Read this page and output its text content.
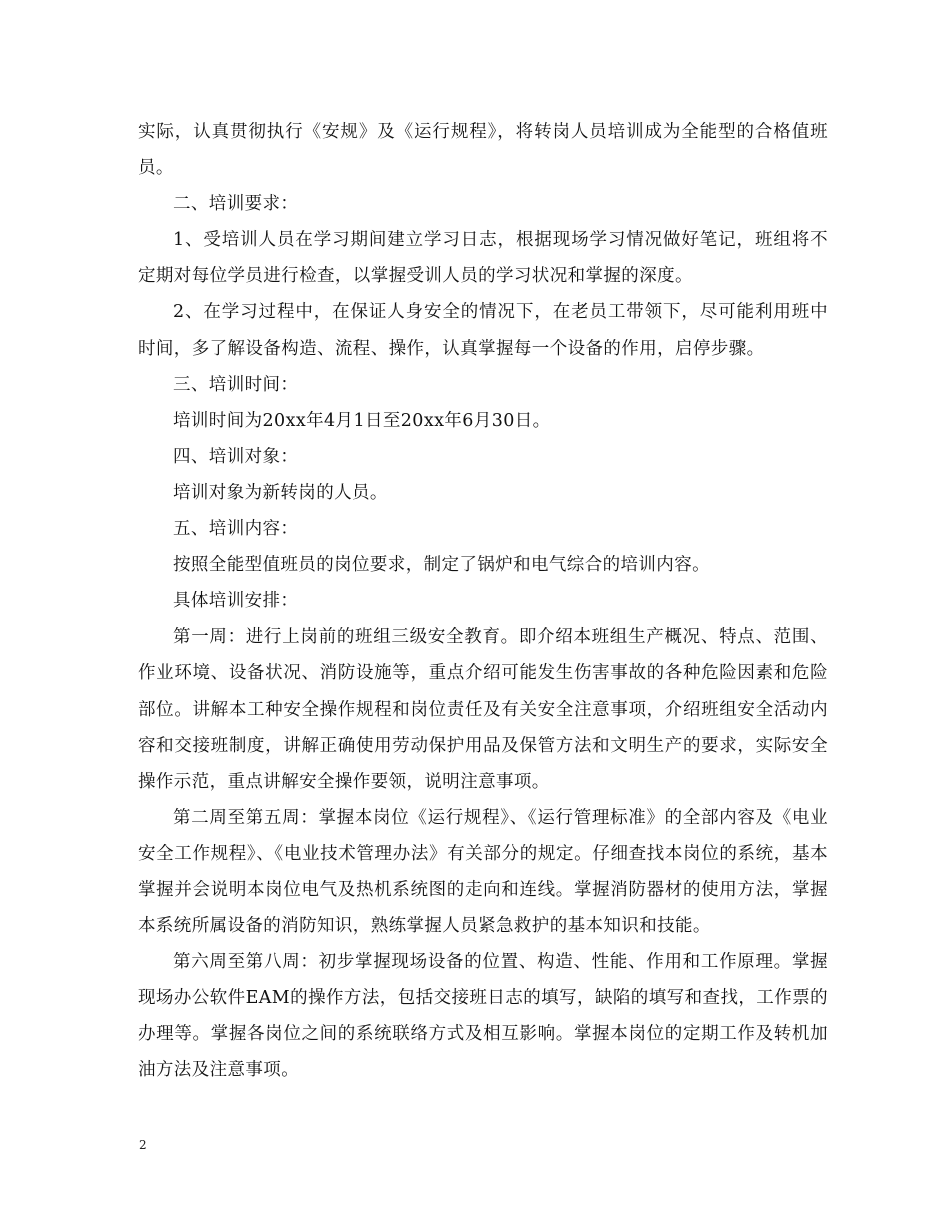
实际，认真贯彻执行《安规》及《运行规程》，将转岗人员培训成为全能型的合格值班员。

二、培训要求：

1、受培训人员在学习期间建立学习日志，根据现场学习情况做好笔记，班组将不定期对每位学员进行检查，以掌握受训人员的学习状况和掌握的深度。

2、在学习过程中，在保证人身安全的情况下，在老员工带领下，尽可能利用班中时间，多了解设备构造、流程、操作，认真掌握每一个设备的作用，启停步骤。

三、培训时间：

培训时间为20xx年4月1日至20xx年6月30日。

四、培训对象：

培训对象为新转岗的人员。

五、培训内容：

按照全能型值班员的岗位要求，制定了锅炉和电气综合的培训内容。

具体培训安排：

第一周：进行上岗前的班组三级安全教育。即介绍本班组生产概况、特点、范围、作业环境、设备状况、消防设施等，重点介绍可能发生伤害事故的各种危险因素和危险部位。讲解本工种安全操作规程和岗位责任及有关安全注意事项，介绍班组安全活动内容和交接班制度，讲解正确使用劳动保护用品及保管方法和文明生产的要求，实际安全操作示范，重点讲解安全操作要领，说明注意事项。

第二周至第五周：掌握本岗位《运行规程》、《运行管理标准》的全部内容及《电业安全工作规程》、《电业技术管理办法》有关部分的规定。仔细查找本岗位的系统，基本掌握并会说明本岗位电气及热机系统图的走向和连线。掌握消防器材的使用方法，掌握本系统所属设备的消防知识，熟练掌握人员紧急救护的基本知识和技能。

第六周至第八周：初步掌握现场设备的位置、构造、性能、作用和工作原理。掌握现场办公软件EAM的操作方法，包括交接班日志的填写，缺陷的填写和查找，工作票的办理等。掌握各岗位之间的系统联络方式及相互影响。掌握本岗位的定期工作及转机加油方法及注意事项。

2
